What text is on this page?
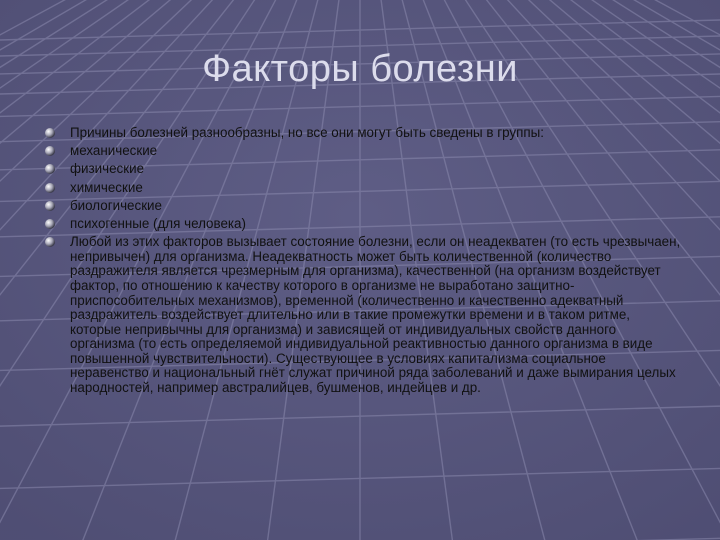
Факторы болезни
Причины болезней разнообразны, но все они могут быть сведены в группы:
механические
физические
химические
биологические
психогенные (для человека)
Любой из этих факторов вызывает состояние болезни, если он неадекватен (то есть чрезвычаен, непривычен) для организма. Неадекватность может быть количественной (количество раздражителя является чрезмерным для организма), качественной (на организм воздействует фактор, по отношению к качеству которого в организме не выработано защитно-приспособительных механизмов), временной (количественно и качественно адекватный раздражитель воздействует длительно или в такие промежутки времени и в таком ритме, которые непривычны для организма) и зависящей от индивидуальных свойств данного организма (то есть определяемой индивидуальной реактивностью данного организма в виде повышенной чувствительности). Существующее в условиях капитализма социальное неравенство и национальный гнёт служат причиной ряда заболеваний и даже вымирания целых народностей, например австралийцев, бушменов, индейцев и др.
